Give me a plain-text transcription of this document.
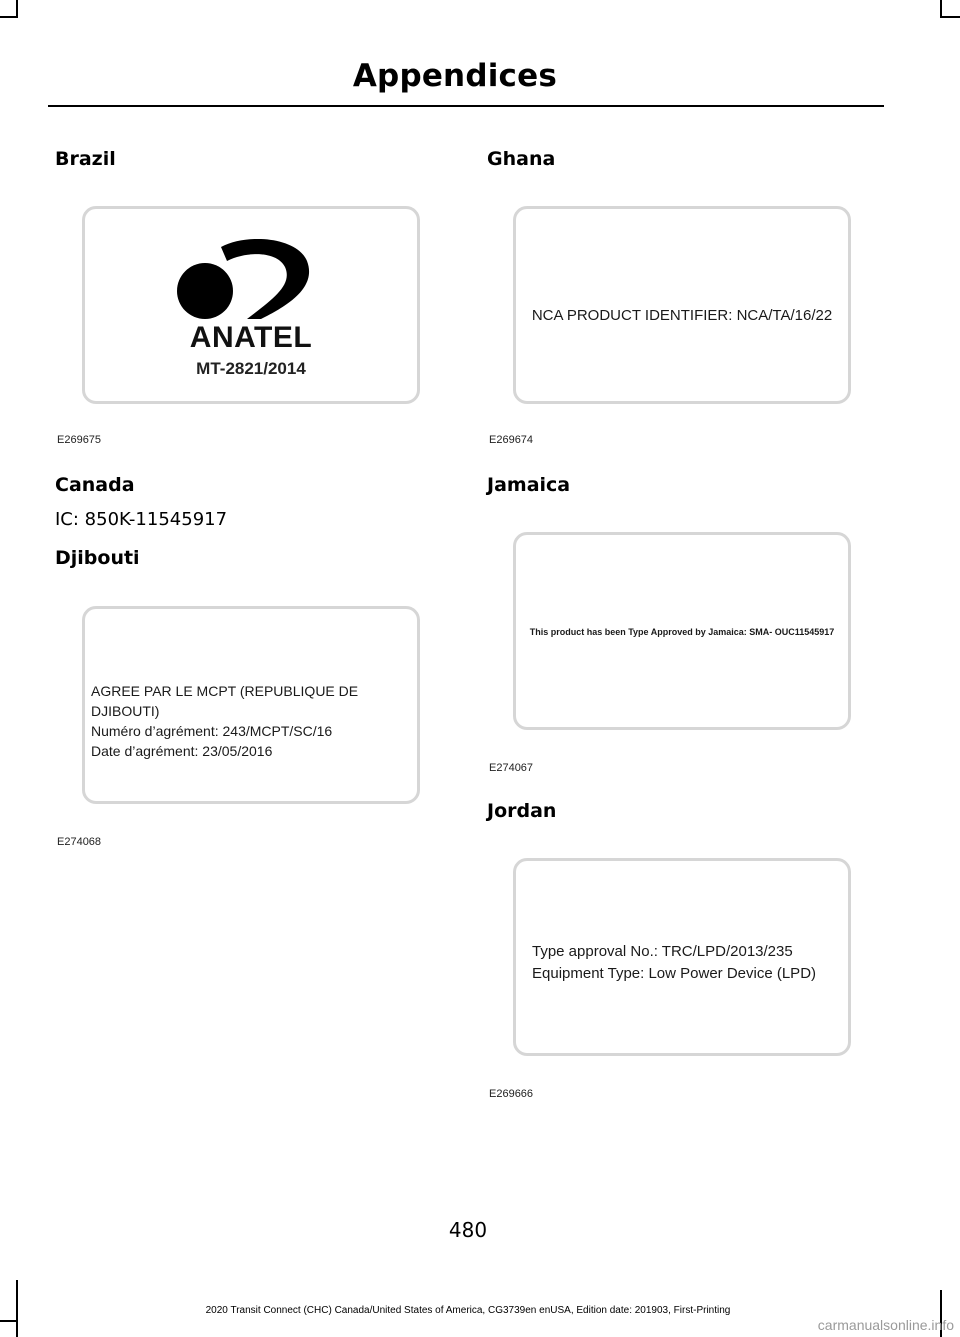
Appendices
Brazil
ANATEL
MT-2821/2014
E269675
Canada
IC: 850K-11545917
Djibouti
AGREE PAR LE MCPT (REPUBLIQUE DE DJIBOUTI)
Numéro d’agrément: 243/MCPT/SC/16
Date d’agrément: 23/05/2016
E274068
Ghana
NCA PRODUCT IDENTIFIER: NCA/TA/16/22
E269674
Jamaica
This product has been Type Approved by Jamaica: SMA- OUC11545917
E274067
Jordan
Type approval No.: TRC/LPD/2013/235
Equipment Type: Low Power Device (LPD)
E269666
480
2020 Transit Connect (CHC) Canada/United States of America, CG3739en enUSA, Edition date: 201903, First-Printing
carmanualsonline.info
